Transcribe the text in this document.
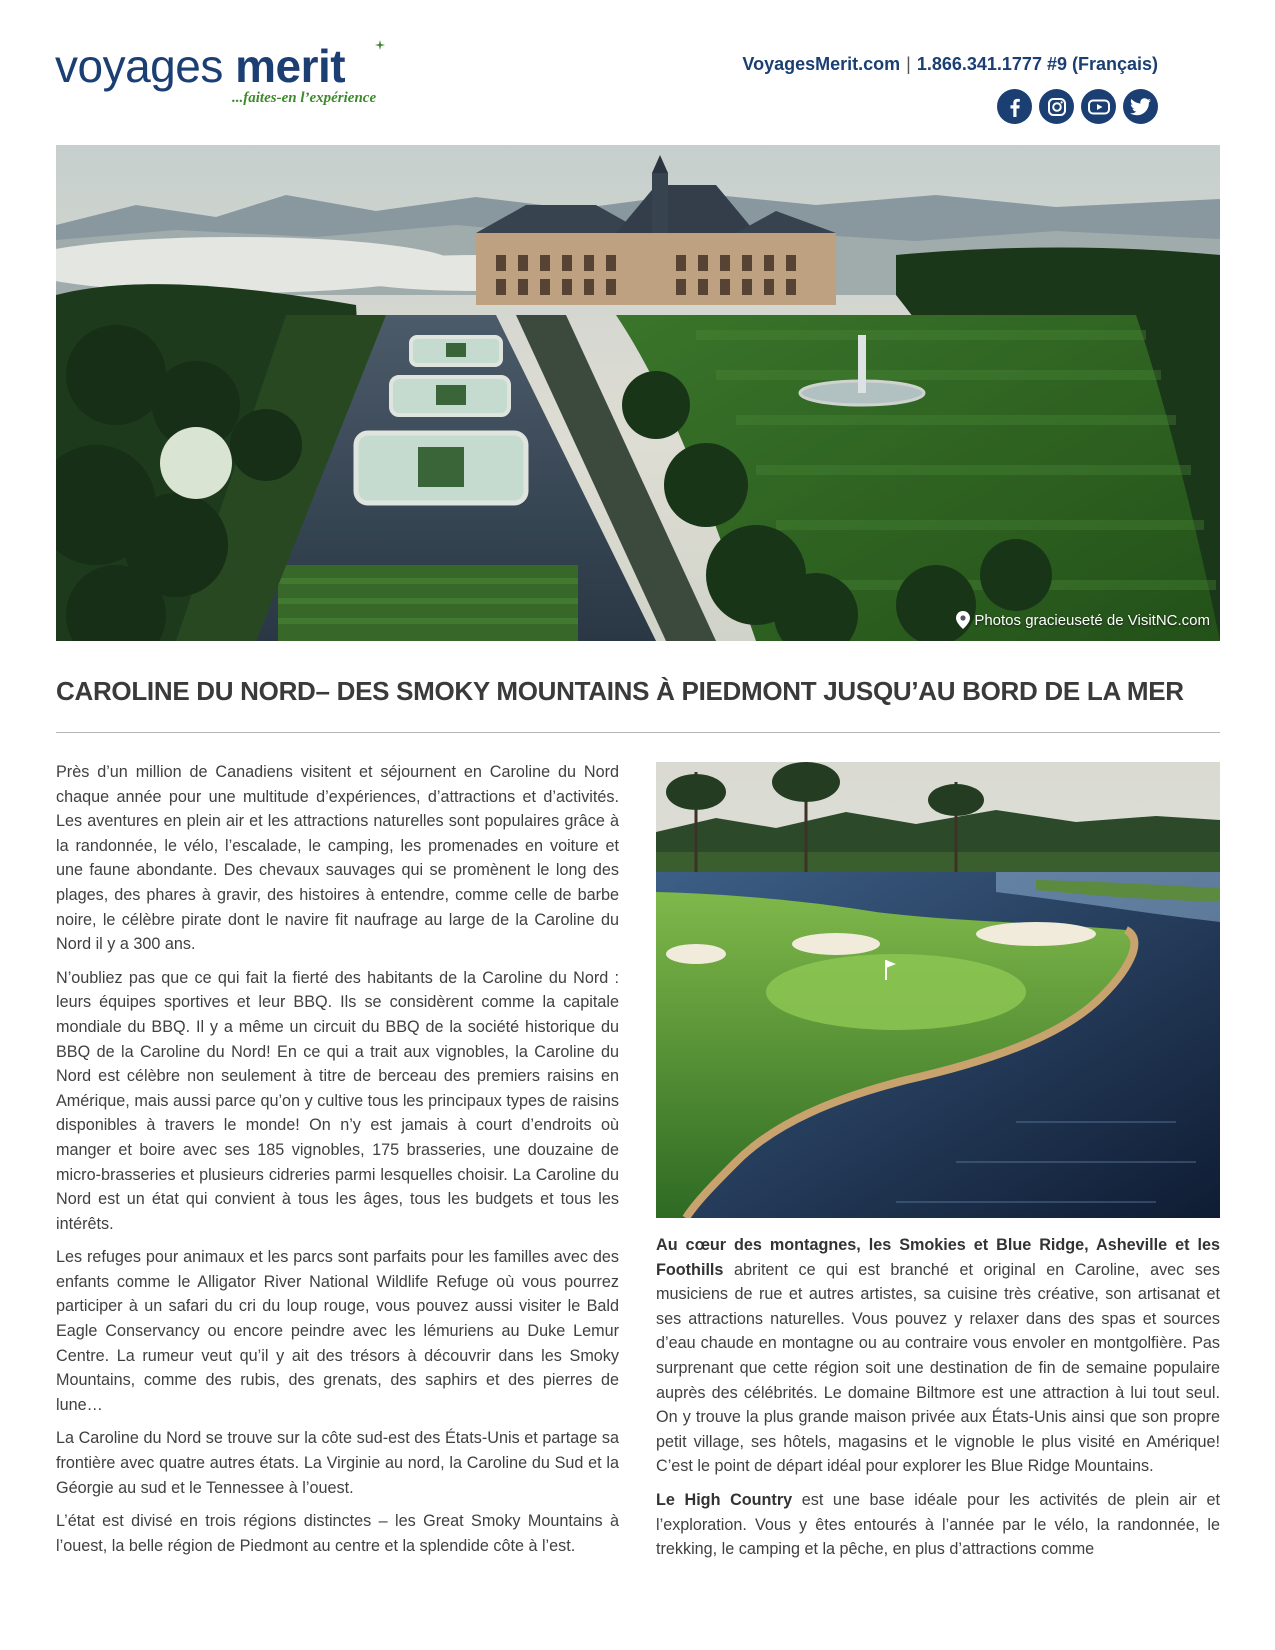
voyages merit
...faites-en l’expérience
VoyagesMerit.com | 1.866.341.1777 #9 (Français)
Photos gracieuseté de VisitNC.com
CAROLINE DU NORD– DES SMOKY MOUNTAINS À PIEDMONT JUSQU’AU BORD DE LA MER

Près d’un million de Canadiens visitent et séjournent en Caroline du Nord chaque année pour une multitude d’expériences, d’attractions et d’activités. Les aventures en plein air et les attractions naturelles sont populaires grâce à la randonnée, le vélo, l’escalade, le camping, les promenades en voiture et une faune abondante. Des chevaux sauvages qui se promènent le long des plages, des phares à gravir, des histoires à entendre, comme celle de barbe noire, le célèbre pirate dont le navire fit naufrage au large de la Caroline du Nord il y a 300 ans.

N’oubliez pas que ce qui fait la fierté des habitants de la Caroline du Nord : leurs équipes sportives et leur BBQ. Ils se considèrent comme la capitale mondiale du BBQ. Il y a même un circuit du BBQ de la société historique du BBQ de la Caroline du Nord! En ce qui a trait aux vignobles, la Caroline du Nord est célèbre non seulement à titre de berceau des premiers raisins en Amérique, mais aussi parce qu’on y cultive tous les principaux types de raisins disponibles à travers le monde! On n’y est jamais à court d’endroits où manger et boire avec ses 185 vignobles, 175 brasseries, une douzaine de micro-brasseries et plusieurs cidreries parmi lesquelles choisir. La Caroline du Nord est un état qui convient à tous les âges, tous les budgets et tous les intérêts.

Les refuges pour animaux et les parcs sont parfaits pour les familles avec des enfants comme le Alligator River National Wildlife Refuge où vous pourrez participer à un safari du cri du loup rouge, vous pouvez aussi visiter le Bald Eagle Conservancy ou encore peindre avec les lémuriens au Duke Lemur Centre. La rumeur veut qu’il y ait des trésors à découvrir dans les Smoky Mountains, comme des rubis, des grenats, des saphirs et des pierres de lune…

La Caroline du Nord se trouve sur la côte sud-est des États-Unis et partage sa frontière avec quatre autres états. La Virginie au nord, la Caroline du Sud et la Géorgie au sud et le Tennessee à l’ouest.

L’état est divisé en trois régions distinctes – les Great Smoky Mountains à l’ouest, la belle région de Piedmont au centre et la splendide côte à l’est.

Au cœur des montagnes, les Smokies et Blue Ridge, Asheville et les Foothills abritent ce qui est branché et original en Caroline, avec ses musiciens de rue et autres artistes, sa cuisine très créative, son artisanat et ses attractions naturelles. Vous pouvez y relaxer dans des spas et sources d’eau chaude en montagne ou au contraire vous envoler en montgolfière. Pas surprenant que cette région soit une destination de fin de semaine populaire auprès des célébrités. Le domaine Biltmore est une attraction à lui tout seul. On y trouve la plus grande maison privée aux États-Unis ainsi que son propre petit village, ses hôtels, magasins et le vignoble le plus visité en Amérique! C’est le point de départ idéal pour explorer les Blue Ridge Mountains.

Le High Country est une base idéale pour les activités de plein air et l’exploration. Vous y êtes entourés à l’année par le vélo, la randonnée, le trekking, le camping et la pêche, en plus d’attractions comme
